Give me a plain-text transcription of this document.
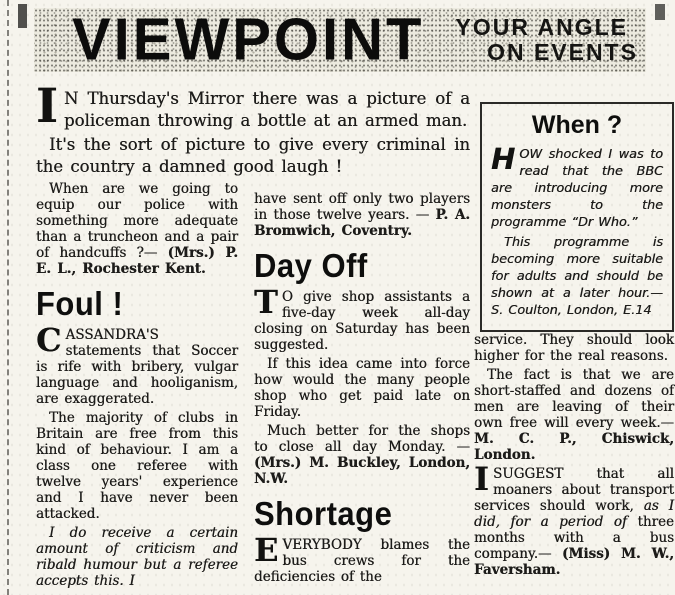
VIEWPOINT YOUR ANGLE
ON EVENTS

I N Thursday's Mirror there was a picture of a policeman throwing a bottle at an armed man.

It's the sort of picture to give every criminal in the country a damned good laugh !

When are we going to equip our police with something more adequate than a truncheon and a pair of handcuffs ?— (Mrs.) P. E. L., Rochester Kent.

Foul !

CASSANDRA'S statements that Soccer is rife with bribery, vulgar language and hooliganism, are exaggerated.

The majority of clubs in Britain are free from this kind of behaviour. I am a class one referee with twelve years' experience and I have never been attacked.

I do receive a certain amount of criticism and ribald humour but a referee accepts this. I

have sent off only two players in those twelve years. — P. A. Bromwich, Coventry.

Day Off

T O give shop assistants a five-day week all-day closing on Saturday has been suggested.

If this idea came into force how would the many people shop who get paid late on Friday.

Much better for the shops to close all day Monday. — (Mrs.) M. Buckley, London, N.W.

Shortage

EVERYBODY blames the bus crews for the deficiencies of the

When ?

HOW shocked I was to read that the BBC are introducing more monsters to the programme “Dr Who.”

This programme is becoming more suitable for adults and should be shown at a later hour.— S. Coulton, London, E.14

service. They should look higher for the real reasons.

The fact is that we are short-staffed and dozens of men are leaving of their own free will every week.—M. C. P., Chiswick, London.

I SUGGEST that all moaners about transport services should work, as I did, for a period of three months with a bus company.— (Miss) M. W., Faversham.
